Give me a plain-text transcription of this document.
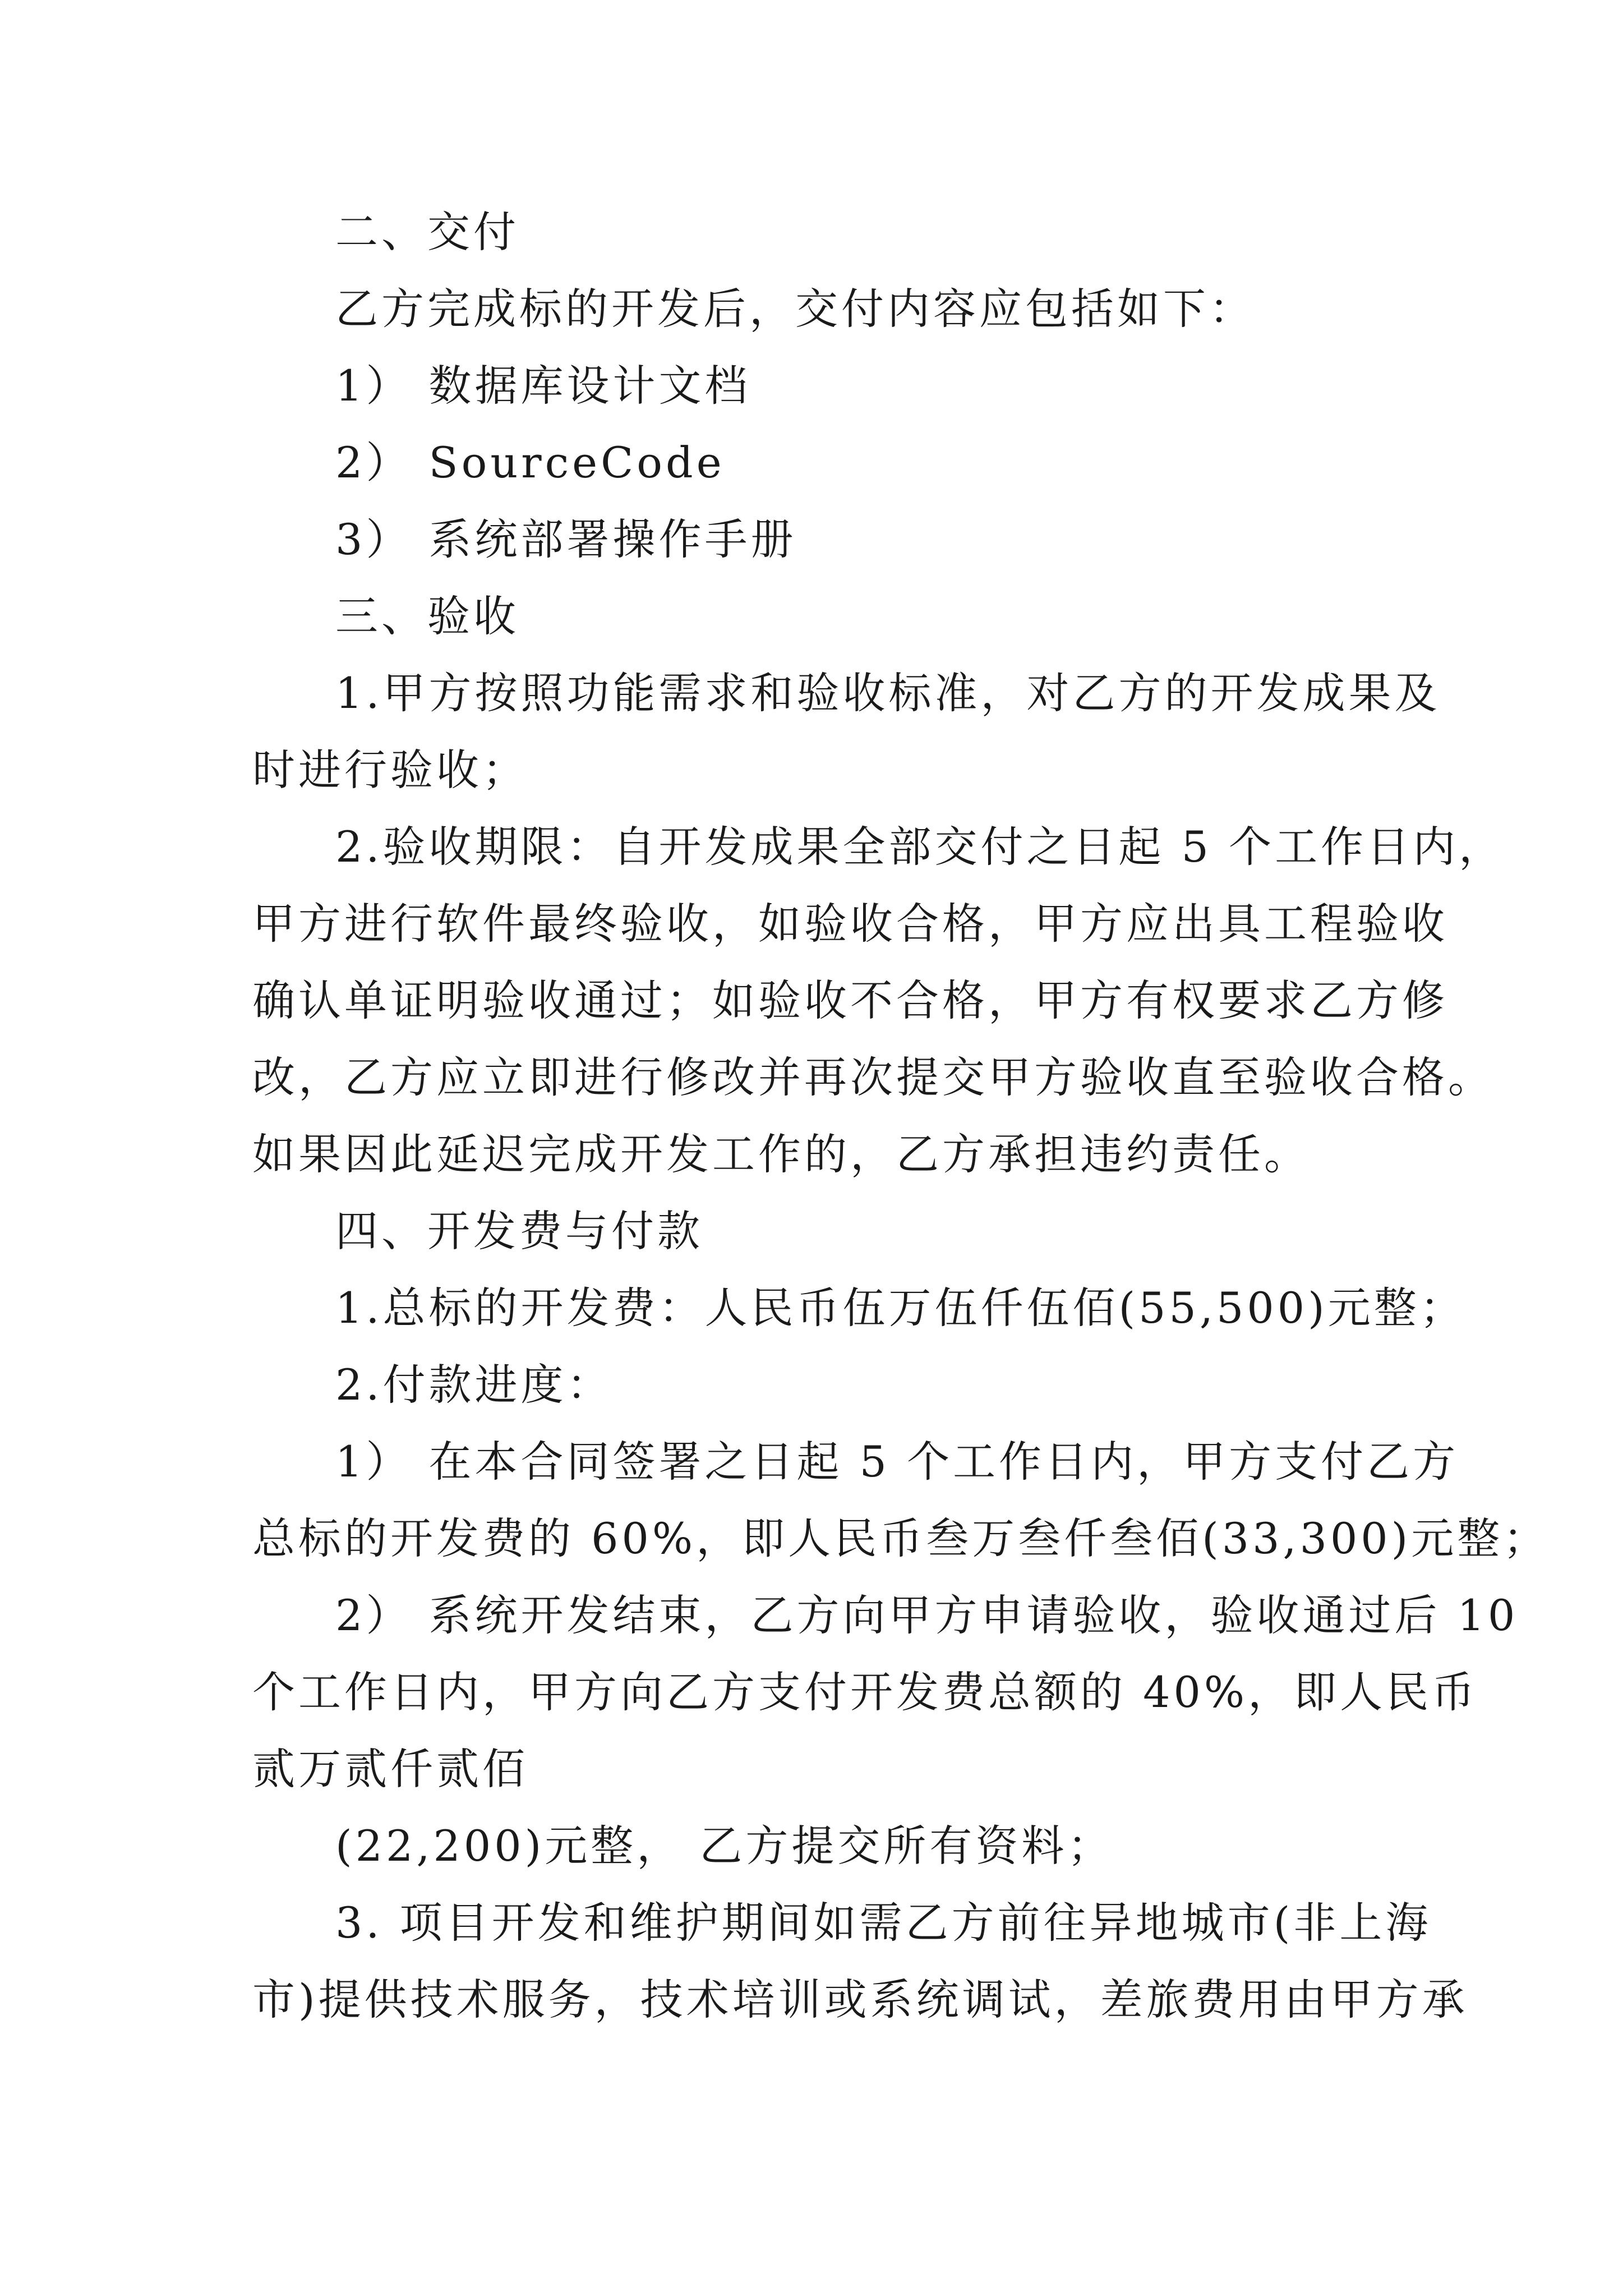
二、交付
乙方完成标的开发后，交付内容应包括如下：
1） 数据库设计文档
2） SourceCode
3） 系统部署操作手册
三、验收
1.甲方按照功能需求和验收标准，对乙方的开发成果及
时进行验收；
2.验收期限：自开发成果全部交付之日起 5 个工作日内，
甲方进行软件最终验收，如验收合格，甲方应出具工程验收
确认单证明验收通过；如验收不合格，甲方有权要求乙方修
改，乙方应立即进行修改并再次提交甲方验收直至验收合格。
如果因此延迟完成开发工作的，乙方承担违约责任。
四、开发费与付款
1.总标的开发费：人民币伍万伍仟伍佰(55,500)元整；
2.付款进度：
1） 在本合同签署之日起 5 个工作日内，甲方支付乙方
总标的开发费的 60%，即人民币叁万叁仟叁佰(33,300)元整；
2） 系统开发结束，乙方向甲方申请验收，验收通过后 10
个工作日内，甲方向乙方支付开发费总额的 40%，即人民币
贰万贰仟贰佰
(22,200)元整， 乙方提交所有资料；
3. 项目开发和维护期间如需乙方前往异地城市(非上海
市)提供技术服务，技术培训或系统调试，差旅费用由甲方承
